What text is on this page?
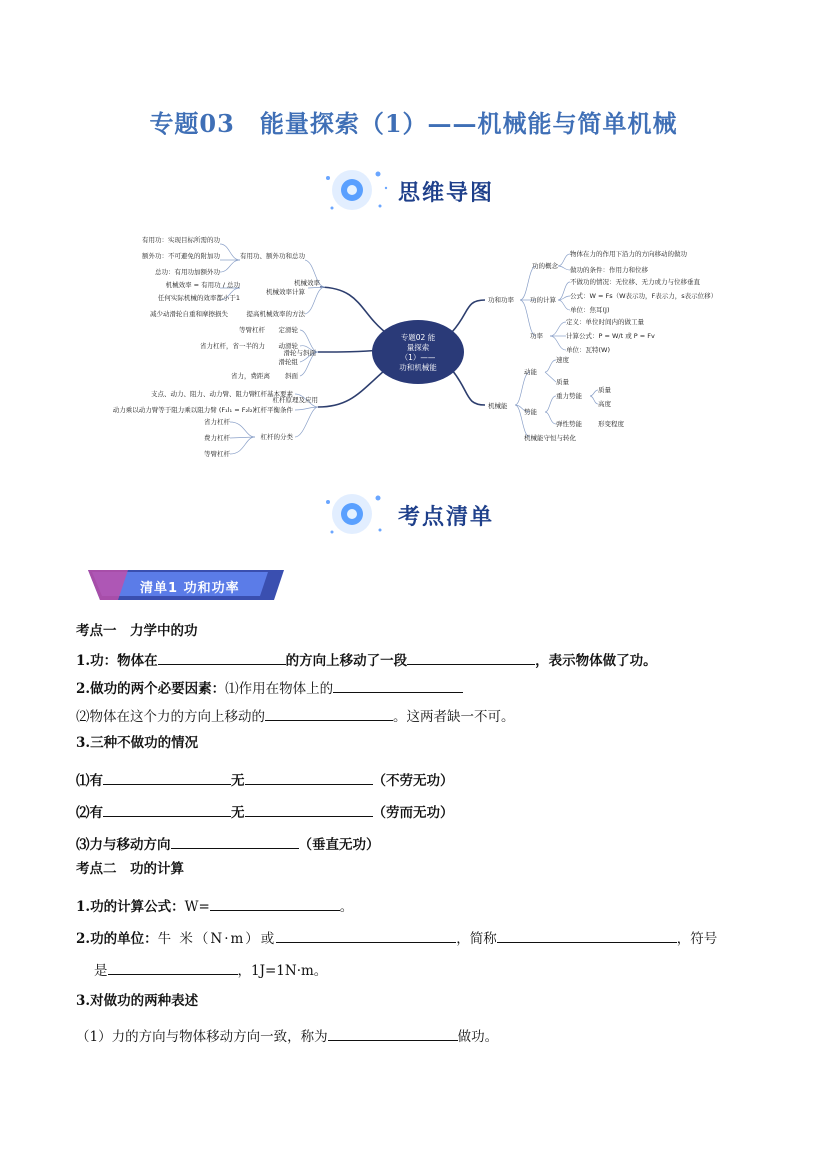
专题03　能量探索（1）——机械能与简单机械
思维导图
专题02 能
量探索
（1）——
功和机械能
机械效率
有用功、额外功和总功
有用功：实现目标所需的功
额外功：不可避免的附加功
总功：有用功加额外功
机械效率计算
机械效率 = 有用功 / 总功
任何实际机械的效率都小于1
提高机械效率的方法
减少动滑轮自重和摩擦损失
滑轮与斜面
定滑轮
等臂杠杆
动滑轮
省力杠杆，省一半的力
滑轮组
斜面
省力，费距离
杠杆原理及应用
杠杆基本要素
支点、动力、阻力、动力臂、阻力臂
杠杆平衡条件
动力乘以动力臂等于阻力乘以阻力臂 (F₁l₁ = F₂l₂)
杠杆的分类
省力杠杆
费力杠杆
等臂杠杆
功和功率
功的概念
物体在力的作用下沿力的方向移动的做功
做功的条件：作用力和位移
功的计算
不做功的情况：无位移、无力或力与位移垂直
公式：W = Fs（W表示功，F表示力，s表示位移）
单位：焦耳(J)
功率
定义：单位时间内的做工量
计算公式：P = W/t 或 P = Fv
单位：瓦特(W)
机械能
动能
速度
质量
势能
重力势能
质量
高度
弹性势能 形变程度
机械能守恒与转化
考点清单
清单1 功和功率
考点一　力学中的功
1.功：物体在	的方向上移动了一段	，表示物体做了功。
2.做功的两个必要因素：⑴作用在物体上的
⑵物体在这个力的方向上移动的	。这两者缺一不可。
3.三种不做功的情况
⑴有	无	（不劳无功）
⑵有	无	（劳而无功）
⑶力与移动方向	（垂直无功）
考点二　功的计算
1.功的计算公式：W=	。
2.功的单位：牛 米（N·m）或	，简称	，符号
是	，1J=1N·m。
3.对做功的两种表述
（1）力的方向与物体移动方向一致，称为	做功。
